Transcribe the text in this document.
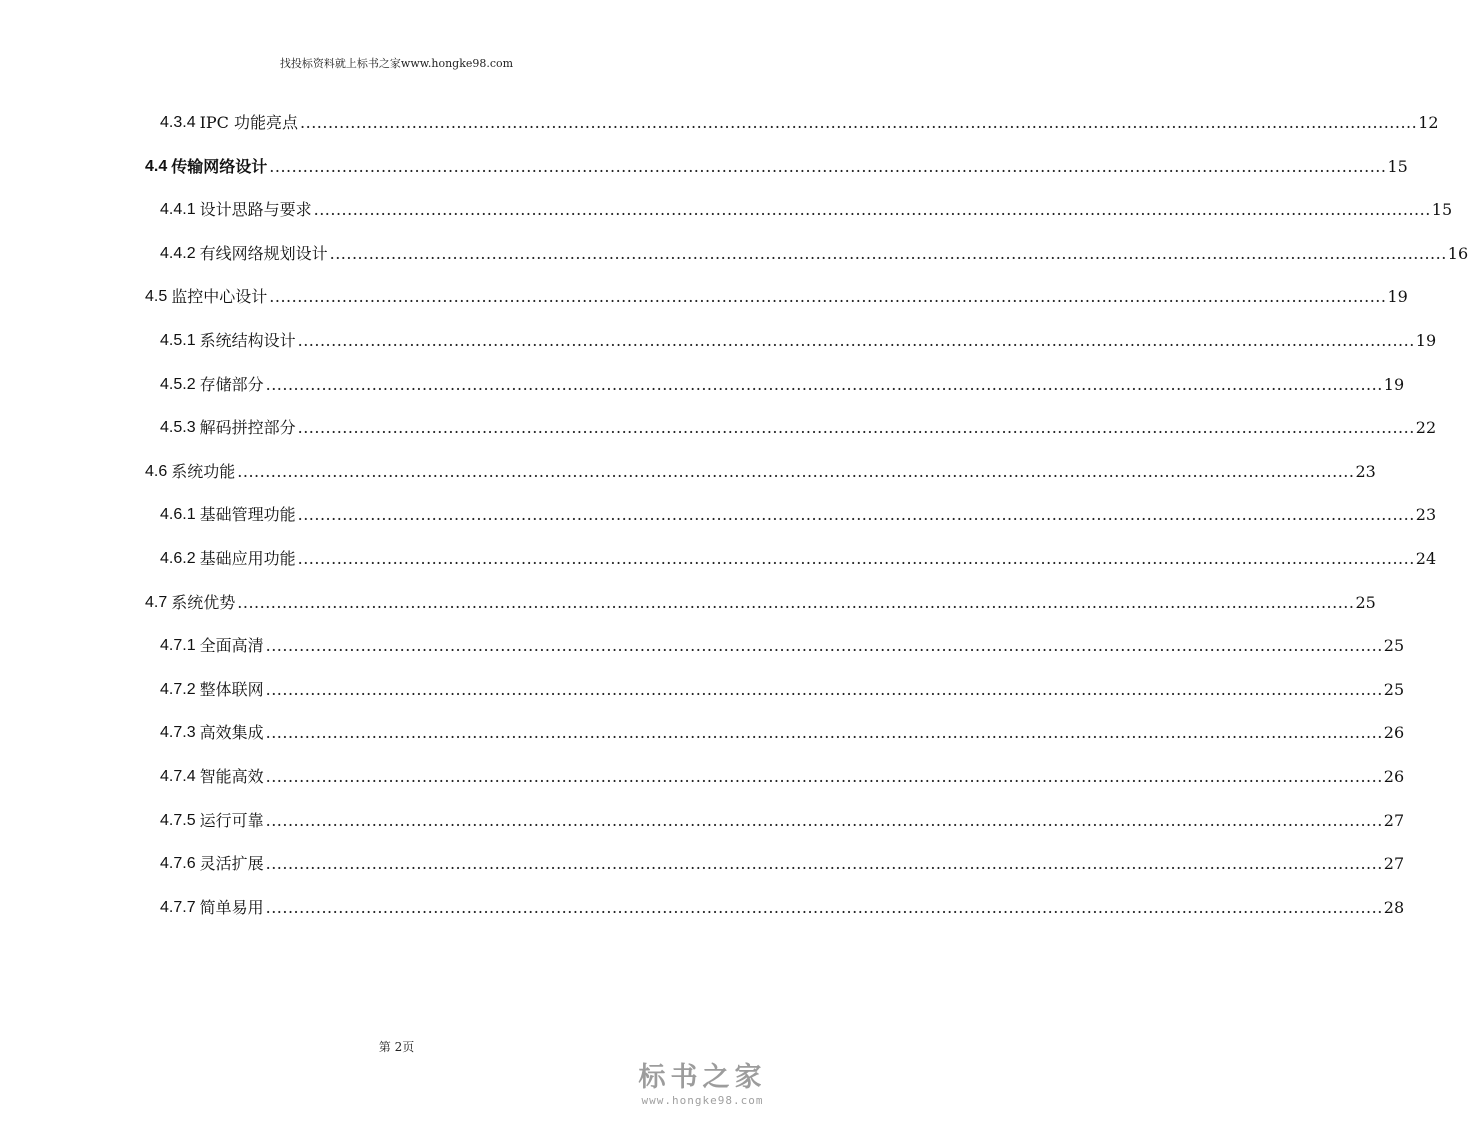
找投标资料就上标书之家www.hongke98.com
4.3.4 IPC 功能亮点 ........................................................................................................................................................................................................ 12
4.4 传输网络设计 ........................................................................................................................................................................................................ 15
4.4.1 设计思路与要求 ........................................................................................................................................................................................................ 15
4.4.2 有线网络规划设计 ........................................................................................................................................................................................................ 16
4.5 监控中心设计 ........................................................................................................................................................................................................ 19
4.5.1 系统结构设计 ........................................................................................................................................................................................................ 19
4.5.2 存储部分 ........................................................................................................................................................................................................ 19
4.5.3 解码拼控部分 ........................................................................................................................................................................................................ 22
4.6 系统功能 ........................................................................................................................................................................................................ 23
4.6.1 基础管理功能 ........................................................................................................................................................................................................ 23
4.6.2 基础应用功能 ........................................................................................................................................................................................................ 24
4.7 系统优势 ........................................................................................................................................................................................................ 25
4.7.1 全面高清 ........................................................................................................................................................................................................ 25
4.7.2 整体联网 ........................................................................................................................................................................................................ 25
4.7.3 高效集成 ........................................................................................................................................................................................................ 26
4.7.4 智能高效 ........................................................................................................................................................................................................ 26
4.7.5 运行可靠 ........................................................................................................................................................................................................ 27
4.7.6 灵活扩展 ........................................................................................................................................................................................................ 27
4.7.7 简单易用 ........................................................................................................................................................................................................ 28
第 2页
标书之家
www.hongke98.com
